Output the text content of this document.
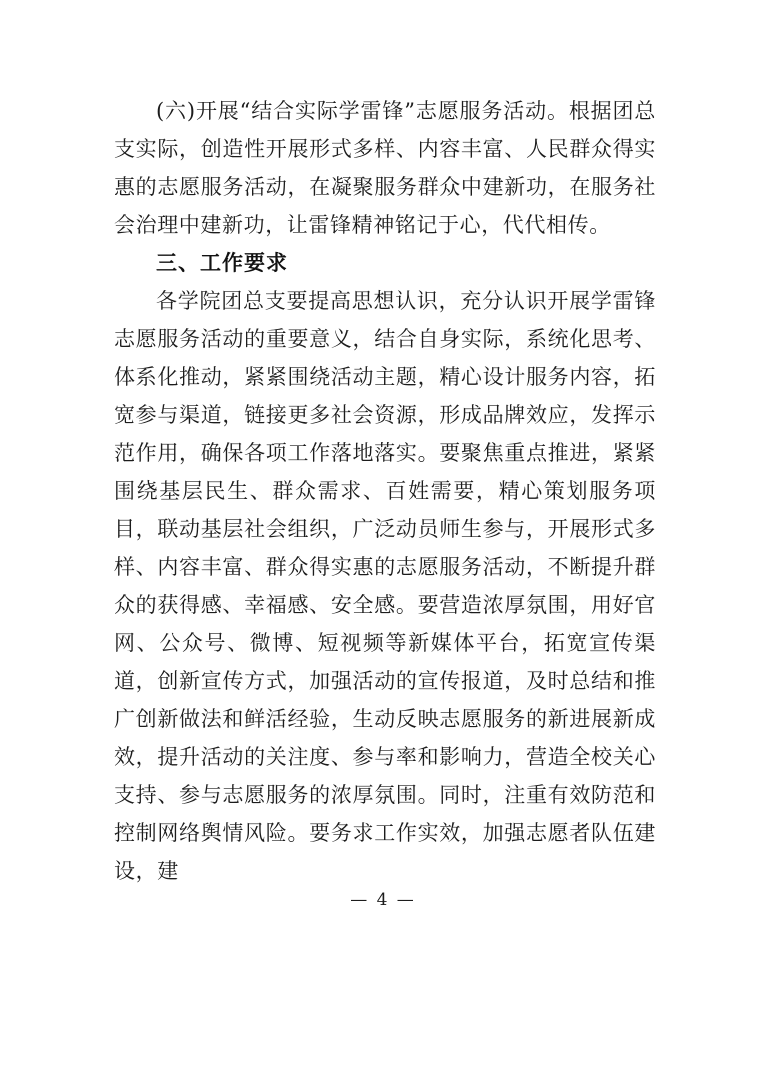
(六)开展“结合实际学雷锋”志愿服务活动。根据团总支实际，创造性开展形式多样、内容丰富、人民群众得实惠的志愿服务活动，在凝聚服务群众中建新功，在服务社会治理中建新功，让雷锋精神铭记于心，代代相传。

三、工作要求

各学院团总支要提高思想认识，充分认识开展学雷锋志愿服务活动的重要意义，结合自身实际，系统化思考、体系化推动，紧紧围绕活动主题，精心设计服务内容，拓宽参与渠道，链接更多社会资源，形成品牌效应，发挥示范作用，确保各项工作落地落实。要聚焦重点推进，紧紧围绕基层民生、群众需求、百姓需要，精心策划服务项目，联动基层社会组织，广泛动员师生参与，开展形式多样、内容丰富、群众得实惠的志愿服务活动，不断提升群众的获得感、幸福感、安全感。要营造浓厚氛围，用好官网、公众号、微博、短视频等新媒体平台，拓宽宣传渠道，创新宣传方式，加强活动的宣传报道，及时总结和推广创新做法和鲜活经验，生动反映志愿服务的新进展新成效，提升活动的关注度、参与率和影响力，营造全校关心支持、参与志愿服务的浓厚氛围。同时，注重有效防范和控制网络舆情风险。要务求工作实效，加强志愿者队伍建设，建

— 4 —
